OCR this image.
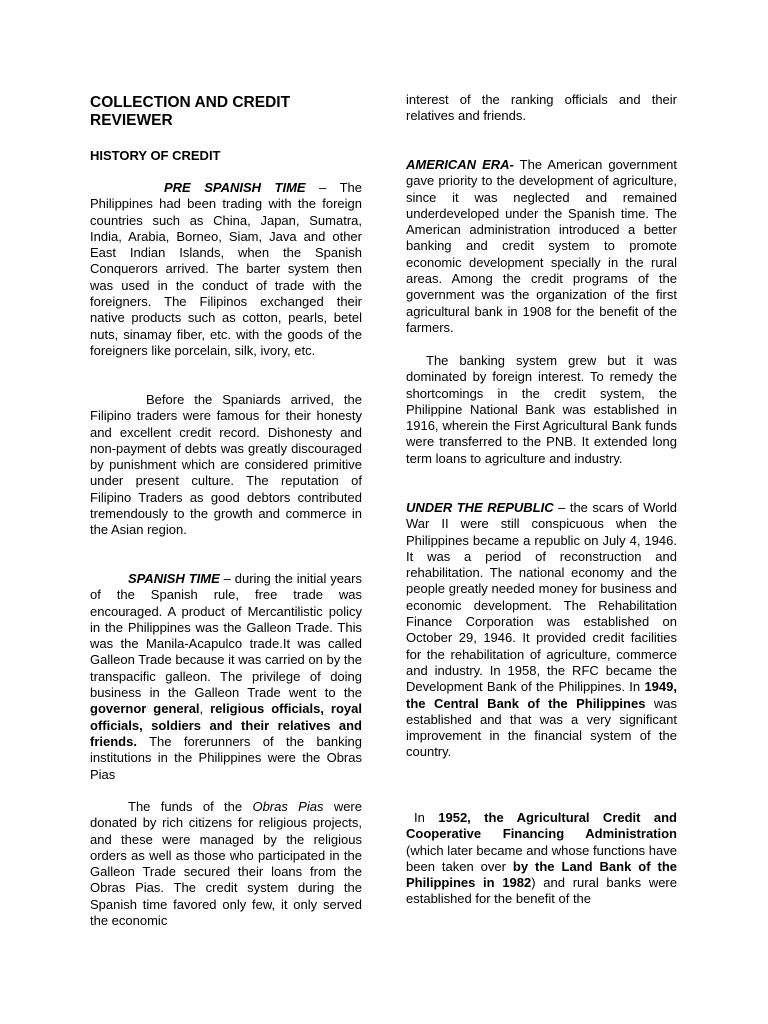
COLLECTION AND CREDIT REVIEWER
HISTORY OF CREDIT

PRE SPANISH TIME – The Philippines had been trading with the foreign countries such as China, Japan, Sumatra, India, Arabia, Borneo, Siam, Java and other East Indian Islands, when the Spanish Conquerors arrived. The barter system then was used in the conduct of trade with the foreigners. The Filipinos exchanged their native products such as cotton, pearls, betel nuts, sinamay fiber, etc. with the goods of the foreigners like porcelain, silk, ivory, etc.

Before the Spaniards arrived, the Filipino traders were famous for their honesty and excellent credit record. Dishonesty and non-payment of debts was greatly discouraged by punishment which are considered primitive under present culture. The reputation of Filipino Traders as good debtors contributed tremendously to the growth and commerce in the Asian region.

SPANISH TIME – during the initial years of the Spanish rule, free trade was encouraged. A product of Mercantilistic policy in the Philippines was the Galleon Trade. This was the Manila-Acapulco trade.It was called Galleon Trade because it was carried on by the transpacific galleon. The privilege of doing business in the Galleon Trade went to the governor general, religious officials, royal officials, soldiers and their relatives and friends. The forerunners of the banking institutions in the Philippines were the Obras Pias

The funds of the Obras Pias were donated by rich citizens for religious projects, and these were managed by the religious orders as well as those who participated in the Galleon Trade secured their loans from the Obras Pias. The credit system during the Spanish time favored only few, it only served the economic

interest of the ranking officials and their relatives and friends.

AMERICAN ERA- The American government gave priority to the development of agriculture, since it was neglected and remained underdeveloped under the Spanish time. The American administration introduced a better banking and credit system to promote economic development specially in the rural areas. Among the credit programs of the government was the organization of the first agricultural bank in 1908 for the benefit of the farmers.

The banking system grew but it was dominated by foreign interest. To remedy the shortcomings in the credit system, the Philippine National Bank was established in 1916, wherein the First Agricultural Bank funds were transferred to the PNB. It extended long term loans to agriculture and industry.

UNDER THE REPUBLIC – the scars of World War II were still conspicuous when the Philippines became a republic on July 4, 1946. It was a period of reconstruction and rehabilitation. The national economy and the people greatly needed money for business and economic development. The Rehabilitation Finance Corporation was established on October 29, 1946. It provided credit facilities for the rehabilitation of agriculture, commerce and industry. In 1958, the RFC became the Development Bank of the Philippines. In 1949, the Central Bank of the Philippines was established and that was a very significant improvement in the financial system of the country.

In 1952, the Agricultural Credit and Cooperative Financing Administration (which later became and whose functions have been taken over by the Land Bank of the Philippines in 1982) and rural banks were established for the benefit of the
